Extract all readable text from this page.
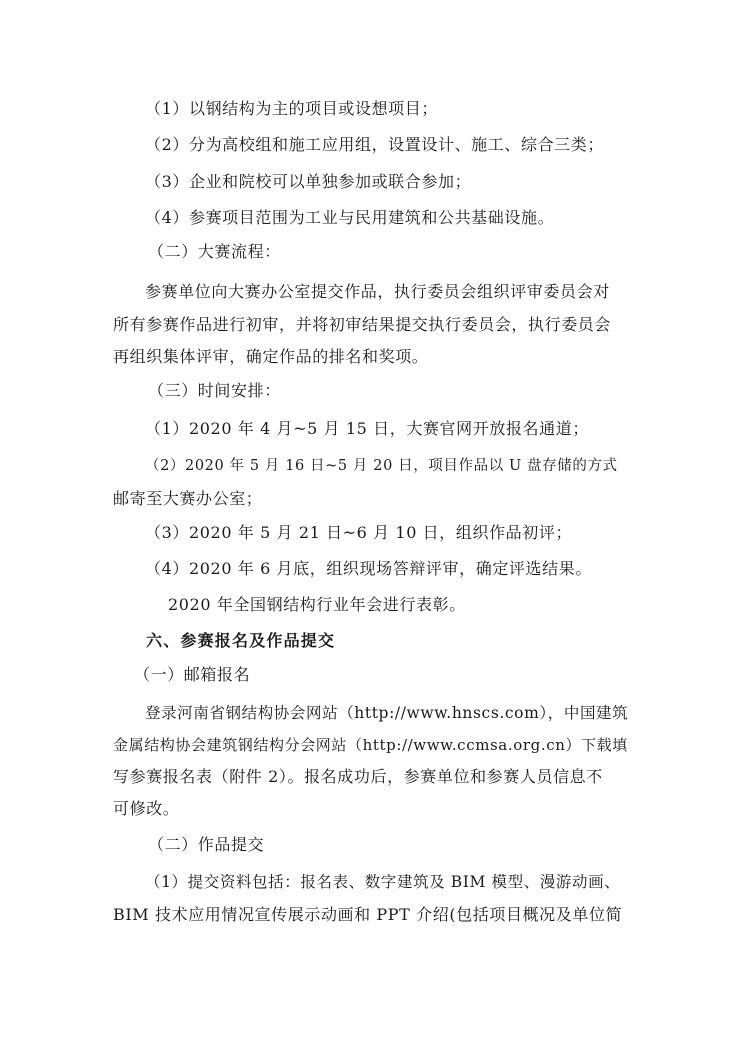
（1）以钢结构为主的项目或设想项目；
（2）分为高校组和施工应用组，设置设计、施工、综合三类；
（3）企业和院校可以单独参加或联合参加；
（4）参赛项目范围为工业与民用建筑和公共基础设施。
（二）大赛流程：
参赛单位向大赛办公室提交作品，执行委员会组织评审委员会对
所有参赛作品进行初审，并将初审结果提交执行委员会，执行委员会
再组织集体评审，确定作品的排名和奖项。
（三）时间安排：
（1）2020 年 4 月~5 月 15 日，大赛官网开放报名通道；
（2）2020 年 5 月 16 日~5 月 20 日，项目作品以 U 盘存储的方式
邮寄至大赛办公室；
（3）2020 年 5 月 21 日~6 月 10 日，组织作品初评；
（4）2020 年 6 月底，组织现场答辩评审，确定评选结果。
2020 年全国钢结构行业年会进行表彰。
六、参赛报名及作品提交
（一）邮箱报名
登录河南省钢结构协会网站（http://www.hnscs.com），中国建筑
金属结构协会建筑钢结构分会网站（http://www.ccmsa.org.cn）下载填
写参赛报名表（附件 2）。报名成功后，参赛单位和参赛人员信息不
可修改。
（二）作品提交
（1）提交资料包括：报名表、数字建筑及 BIM 模型、漫游动画、
BIM 技术应用情况宣传展示动画和 PPT 介绍(包括项目概况及单位简
